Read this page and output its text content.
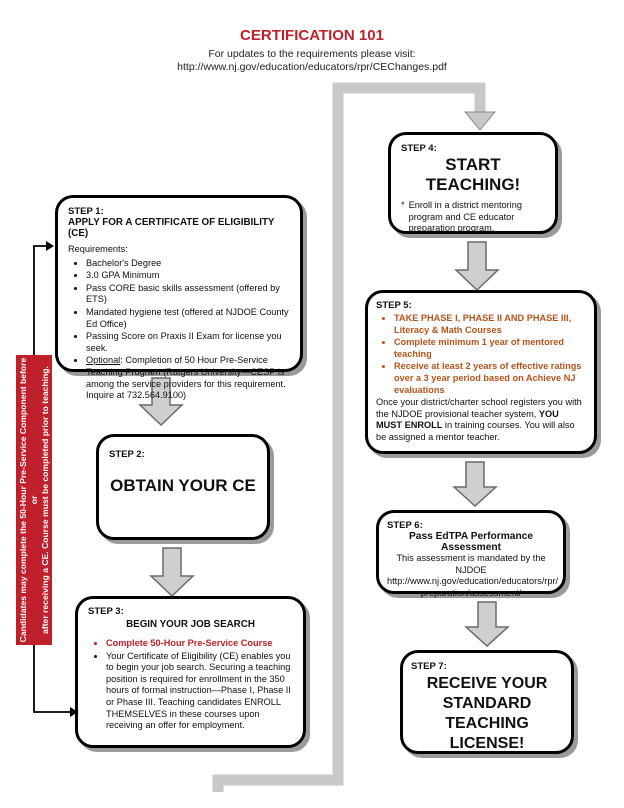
CERTIFICATION 101
For updates to the requirements please visit:
http://www.nj.gov/education/educators/rpr/CEChanges.pdf
Candidates may complete the 50-Hour Pre-Service Component before or after receiving a CE. Course must be completed prior to teaching.
STEP 1:
APPLY FOR A CERTIFICATE OF ELIGIBILITY (CE)
Requirements:
• Bachelor's Degree
• 3.0 GPA Minimum
• Pass CORE basic skills assessment (offered by ETS)
• Mandated hygiene test (offered at NJDOE County Ed Office)
• Passing Score on Praxis II Exam for license you seek.
• Optional: Completion of 50 Hour Pre-Service Teaching Program (Rutgers University—CESP is among the service providers for this requirement. Inquire at 732.564.9100)
STEP 2:
OBTAIN YOUR CE
STEP 3:
BEGIN YOUR JOB SEARCH
• Complete 50-Hour Pre-Service Course
• Your Certificate of Eligibility (CE) enables you to begin your job search. Securing a teaching position is required for enrollment in the 350 hours of formal instruction—Phase I, Phase II or Phase III. Teaching candidates ENROLL THEMSELVES in these courses upon receiving an offer for employment.
STEP 4:
START TEACHING!
* Enroll in a district mentoring program and CE educator preparation program.
STEP 5:
• TAKE PHASE I, PHASE II AND PHASE III, Literacy & Math Courses
• Complete minimum 1 year of mentored teaching
• Receive at least 2 years of effective ratings over a 3 year period based on Achieve NJ evaluations
Once your district/charter school registers you with the NJDOE provisional teacher system, YOU MUST ENROLL in training courses. You will also be assigned a mentor teacher.
STEP 6:
Pass EdTPA Performance Assessment
This assessment is mandated by the NJDOE
http://www.nj.gov/education/educators/rpr/
preparation/assessment/
STEP 7:
RECEIVE YOUR
STANDARD
TEACHING LICENSE!
